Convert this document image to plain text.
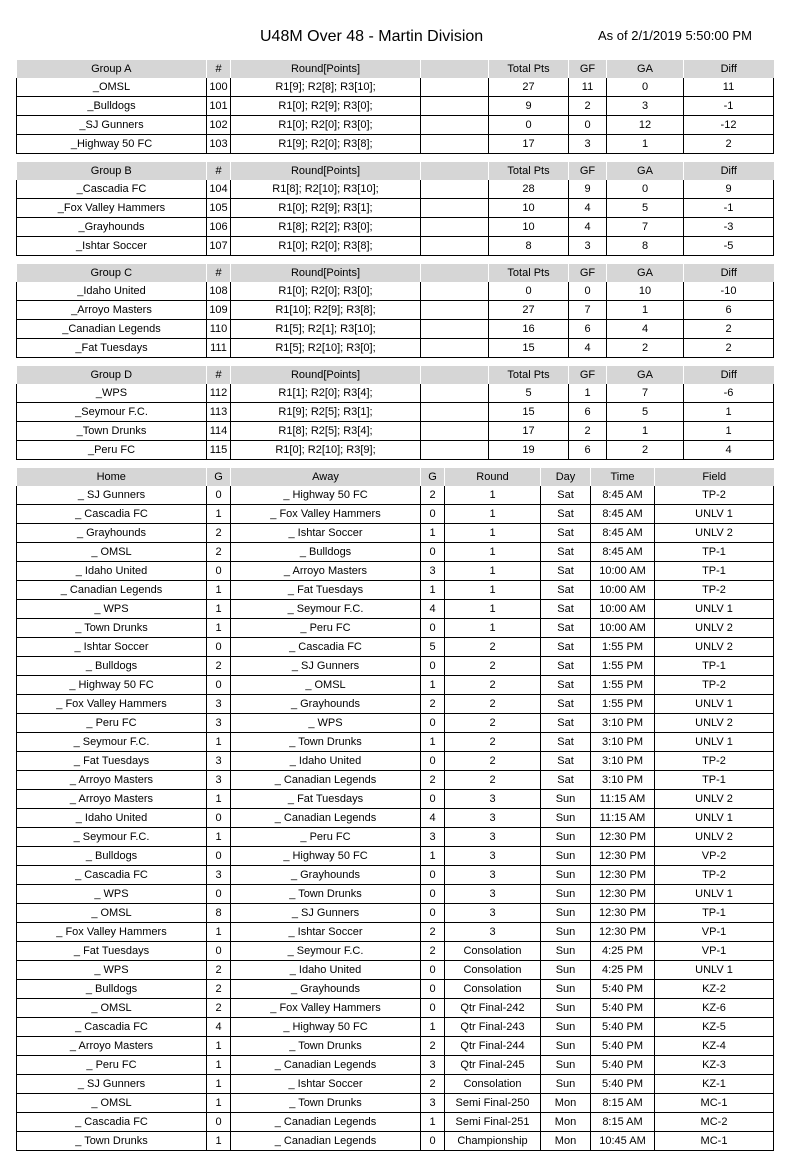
U48M Over 48 - Martin Division	As of 2/1/2019 5:50:00 PM
Group A	#	Round[Points]		Total Pts	GF	GA	Diff
_OMSL	100	R1[9]; R2[8]; R3[10];		27	11	0	11
_Bulldogs	101	R1[0]; R2[9]; R3[0];		9	2	3	-1
_SJ Gunners	102	R1[0]; R2[0]; R3[0];		0	0	12	-12
_Highway 50 FC	103	R1[9]; R2[0]; R3[8];		17	3	1	2
Group B	#	Round[Points]		Total Pts	GF	GA	Diff
_Cascadia FC	104	R1[8]; R2[10]; R3[10];		28	9	0	9
_Fox Valley Hammers	105	R1[0]; R2[9]; R3[1];		10	4	5	-1
_Grayhounds	106	R1[8]; R2[2]; R3[0];		10	4	7	-3
_Ishtar Soccer	107	R1[0]; R2[0]; R3[8];		8	3	8	-5
Group C	#	Round[Points]		Total Pts	GF	GA	Diff
_Idaho United	108	R1[0]; R2[0]; R3[0];		0	0	10	-10
_Arroyo Masters	109	R1[10]; R2[9]; R3[8];		27	7	1	6
_Canadian Legends	110	R1[5]; R2[1]; R3[10];		16	6	4	2
_Fat Tuesdays	111	R1[5]; R2[10]; R3[0];		15	4	2	2
Group D	#	Round[Points]		Total Pts	GF	GA	Diff
_WPS	112	R1[1]; R2[0]; R3[4];		5	1	7	-6
_Seymour F.C.	113	R1[9]; R2[5]; R3[1];		15	6	5	1
_Town Drunks	114	R1[8]; R2[5]; R3[4];		17	2	1	1
_Peru FC	115	R1[0]; R2[10]; R3[9];		19	6	2	4
Home	G	Away	G	Round	Day	Time	Field
_ SJ Gunners	0	_ Highway 50 FC	2	1	Sat	8:45 AM	TP-2
_ Cascadia FC	1	_ Fox Valley Hammers	0	1	Sat	8:45 AM	UNLV 1
_ Grayhounds	2	_ Ishtar Soccer	1	1	Sat	8:45 AM	UNLV 2
_ OMSL	2	_ Bulldogs	0	1	Sat	8:45 AM	TP-1
_ Idaho United	0	_ Arroyo Masters	3	1	Sat	10:00 AM	TP-1
_ Canadian Legends	1	_ Fat Tuesdays	1	1	Sat	10:00 AM	TP-2
_ WPS	1	_ Seymour F.C.	4	1	Sat	10:00 AM	UNLV 1
_ Town Drunks	1	_ Peru FC	0	1	Sat	10:00 AM	UNLV 2
_ Ishtar Soccer	0	_ Cascadia FC	5	2	Sat	1:55 PM	UNLV 2
_ Bulldogs	2	_ SJ Gunners	0	2	Sat	1:55 PM	TP-1
_ Highway 50 FC	0	_ OMSL	1	2	Sat	1:55 PM	TP-2
_ Fox Valley Hammers	3	_ Grayhounds	2	2	Sat	1:55 PM	UNLV 1
_ Peru FC	3	_ WPS	0	2	Sat	3:10 PM	UNLV 2
_ Seymour F.C.	1	_ Town Drunks	1	2	Sat	3:10 PM	UNLV 1
_ Fat Tuesdays	3	_ Idaho United	0	2	Sat	3:10 PM	TP-2
_ Arroyo Masters	3	_ Canadian Legends	2	2	Sat	3:10 PM	TP-1
_ Arroyo Masters	1	_ Fat Tuesdays	0	3	Sun	11:15 AM	UNLV 2
_ Idaho United	0	_ Canadian Legends	4	3	Sun	11:15 AM	UNLV 1
_ Seymour F.C.	1	_ Peru FC	3	3	Sun	12:30 PM	UNLV 2
_ Bulldogs	0	_ Highway 50 FC	1	3	Sun	12:30 PM	VP-2
_ Cascadia FC	3	_ Grayhounds	0	3	Sun	12:30 PM	TP-2
_ WPS	0	_ Town Drunks	0	3	Sun	12:30 PM	UNLV 1
_ OMSL	8	_ SJ Gunners	0	3	Sun	12:30 PM	TP-1
_ Fox Valley Hammers	1	_ Ishtar Soccer	2	3	Sun	12:30 PM	VP-1
_ Fat Tuesdays	0	_ Seymour F.C.	2	Consolation	Sun	4:25 PM	VP-1
_ WPS	2	_ Idaho United	0	Consolation	Sun	4:25 PM	UNLV 1
_ Bulldogs	2	_ Grayhounds	0	Consolation	Sun	5:40 PM	KZ-2
_ OMSL	2	_ Fox Valley Hammers	0	Qtr Final-242	Sun	5:40 PM	KZ-6
_ Cascadia FC	4	_ Highway 50 FC	1	Qtr Final-243	Sun	5:40 PM	KZ-5
_ Arroyo Masters	1	_ Town Drunks	2	Qtr Final-244	Sun	5:40 PM	KZ-4
_ Peru FC	1	_ Canadian Legends	3	Qtr Final-245	Sun	5:40 PM	KZ-3
_ SJ Gunners	1	_ Ishtar Soccer	2	Consolation	Sun	5:40 PM	KZ-1
_ OMSL	1	_ Town Drunks	3	Semi Final-250	Mon	8:15 AM	MC-1
_ Cascadia FC	0	_ Canadian Legends	1	Semi Final-251	Mon	8:15 AM	MC-2
_ Town Drunks	1	_ Canadian Legends	0	Championship	Mon	10:45 AM	MC-1
